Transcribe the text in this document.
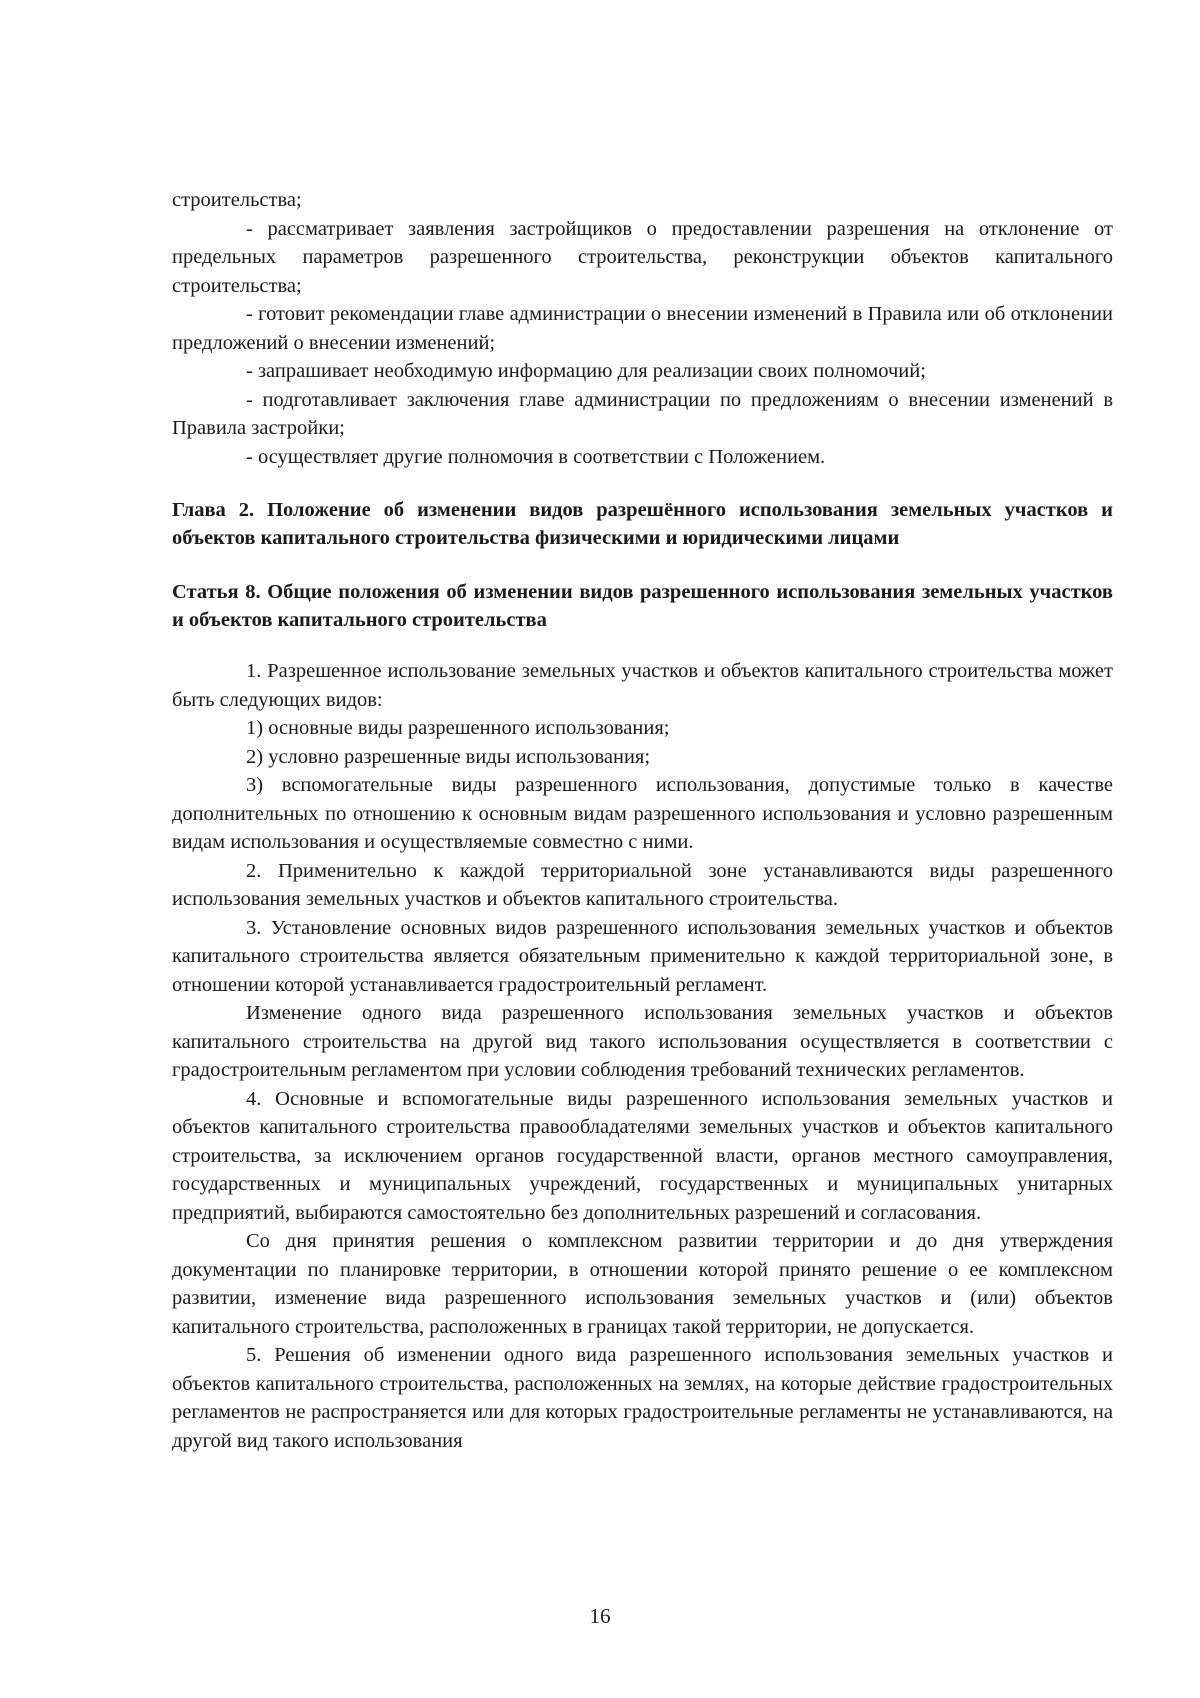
строительства;

- рассматривает заявления застройщиков о предоставлении разрешения на отклонение от предельных параметров разрешенного строительства, реконструкции объектов капитального строительства;

- готовит рекомендации главе администрации о внесении изменений в Правила или об отклонении предложений о внесении изменений;

- запрашивает необходимую информацию для реализации своих полномочий;

- подготавливает заключения главе администрации по предложениям о внесении изменений в Правила застройки;

- осуществляет другие полномочия в соответствии с Положением.

Глава 2. Положение об изменении видов разрешённого использования земельных участков и объектов капитального строительства физическими и юридическими лицами

Статья 8. Общие положения об изменении видов разрешенного использования земельных участков и объектов капитального строительства

1. Разрешенное использование земельных участков и объектов капитального строительства может быть следующих видов:

1) основные виды разрешенного использования;

2) условно разрешенные виды использования;

3) вспомогательные виды разрешенного использования, допустимые только в качестве дополнительных по отношению к основным видам разрешенного использования и условно разрешенным видам использования и осуществляемые совместно с ними.

2. Применительно к каждой территориальной зоне устанавливаются виды разрешенного использования земельных участков и объектов капитального строительства.

3. Установление основных видов разрешенного использования земельных участков и объектов капитального строительства является обязательным применительно к каждой территориальной зоне, в отношении которой устанавливается градостроительный регламент.

Изменение одного вида разрешенного использования земельных участков и объектов капитального строительства на другой вид такого использования осуществляется в соответствии с градостроительным регламентом при условии соблюдения требований технических регламентов.

4. Основные и вспомогательные виды разрешенного использования земельных участков и объектов капитального строительства правообладателями земельных участков и объектов капитального строительства, за исключением органов государственной власти, органов местного самоуправления, государственных и муниципальных учреждений, государственных и муниципальных унитарных предприятий, выбираются самостоятельно без дополнительных разрешений и согласования.

Со дня принятия решения о комплексном развитии территории и до дня утверждения документации по планировке территории, в отношении которой принято решение о ее комплексном развитии, изменение вида разрешенного использования земельных участков и (или) объектов капитального строительства, расположенных в границах такой территории, не допускается.

5. Решения об изменении одного вида разрешенного использования земельных участков и объектов капитального строительства, расположенных на землях, на которые действие градостроительных регламентов не распространяется или для которых градостроительные регламенты не устанавливаются, на другой вид такого использования

16
